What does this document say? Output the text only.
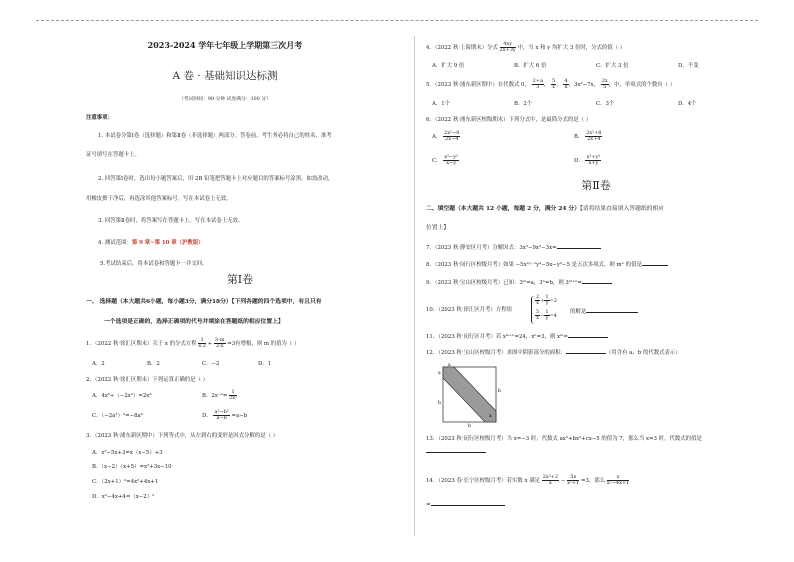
2023-2024 学年七年级上学期第三次月考
A 卷 · 基础知识达标测
（考试时间：90 分钟 试卷满分：100 分）
注意事项：
1. 本试卷分第Ⅰ卷（选择题）和第Ⅱ卷（非选择题）两部分。答卷前，考生务必将自己的姓名、准考
证号填写在答题卡上。
2. 回答第Ⅰ卷时，选出每小题答案后，用 2B 铅笔把答题卡上对应题目的答案标号涂黑。如需改动，
用橡皮擦干净后，再选涂其他答案标号。写在本试卷上无效。
3. 回答第Ⅱ卷时，将答案写在答题卡上。写在本试卷上无效。
4. 测试范围：第 9 章~第 10 章（沪教版）
5.考试结束后，将本试卷和答题卡一并交回。
第Ⅰ卷
一、 选择题（本大题共6小题，每小题3分，满分18分）【下列各题的四个选项中，有且只有
一个选项是正确的，选择正确项的代号并填涂在答题纸的相应位置上】
1．（2022 秋·徐汇区期末）关于 x 的分式方程 $\frac{1}{x-2} + \frac{3-m}{2-x} =3$有增根，则 m 的值为（ ）
A．2	B．2	C．−2	D．1
2．（2022 秋·徐汇区期末）下列运算正确的是（ ）
A．4x⁶÷（−2x³）=2x³	B．$2x^{-2}= \frac{1}{\text{2x²}}$
C．（−2a³）³=−8a⁶	D． $\frac{\text{a²−b²}}{a-b} =a-b$
3．（2023 秋·浦东新区期中）下列等式中，从左到右的变形是因式分解的是（ ）
A．x²−5x+3=x（x−5）+3
B．（x−2）（x+5）=x²+3x−10
C．（2x+1）²=4x²+4x+1
D．x²−4x+4=（x−2）²
4．（2022 秋·上海期末）分式 $\frac{4xy}{2x+3y}$ 中，当 x 和 y 均扩大 3 倍时，分式的值（ ）
A．扩大 9 倍	B．扩大 6 倍	C．扩大 3 倍	D．不变
5．（2023 秋·浦东新区期中）在代数式 0， $\frac{2+a}{3}$ ， $\frac{5}{x}$ ， $\frac{4}{\pi}$ ，3x²−7x， $\frac{2x}{5}$ ，中，单项式的个数有（ ）
A．1个	B．2个	C．3个	D．4个
6．（2022 秋·浦东新区校级期末）下列分式中，是最简分式的是（ ）
A． $\frac{\text{2x²−8}}{2x-4}$	B． $\frac{\text{2x²+8}}{2x+4}$
C． $\frac{\text{x²−y²}}{x-y}$	D． $\frac{\text{x²+y²}}{x+y}$
第Ⅱ卷
二、填空题（本大题共 12 小题，每题 2 分，满分 24 分）【请将结果直接填入答题纸的相应
位置上】
7．（2023 秋·静安区月考）分解因式：3x³−9x²−3x=
8．（2023 秋·闵行区校级月考）如果 −5x²ʸ⁻¹y³−5x−y²−5 是五次多项式，则 mⁿ 的值是
9．（2023 秋·宝山区校级月考）已知：3ᵐ=a，3ⁿ=b，则 3ᵐ⁺ⁿ=
10．（2023 秋·徐汇区月考）方程组
$\frac{2}{x} + \frac{1}{y} =2$
$\frac{5}{x} - \frac{1}{y} =4$
的解是
11．（2023 秋·闵行区月考）若 xᵐ⁺ⁿ=24，xⁿ=3，则 xᵐ=
12．（2023 秋·宝山区校级月考）求图中阴影部分的面积：	（用含有 a、b 的代数式表示）
a
a
b
b
a
b
13．（2023 秋·闵行区校级月考）当 x=−3 时，代数式 ax⁵+bx³+cx−5 的值为 7，那么当 x=3 时，代数式的值是
14．（2023 春·长宁区校级月考）若实数 x 满足 $\frac{\text{2x²+2}}{x} - \frac{5x}{\text{x²+1}} =3$，那么 $\frac{x}{\text{x²−4x+1}}$
=
